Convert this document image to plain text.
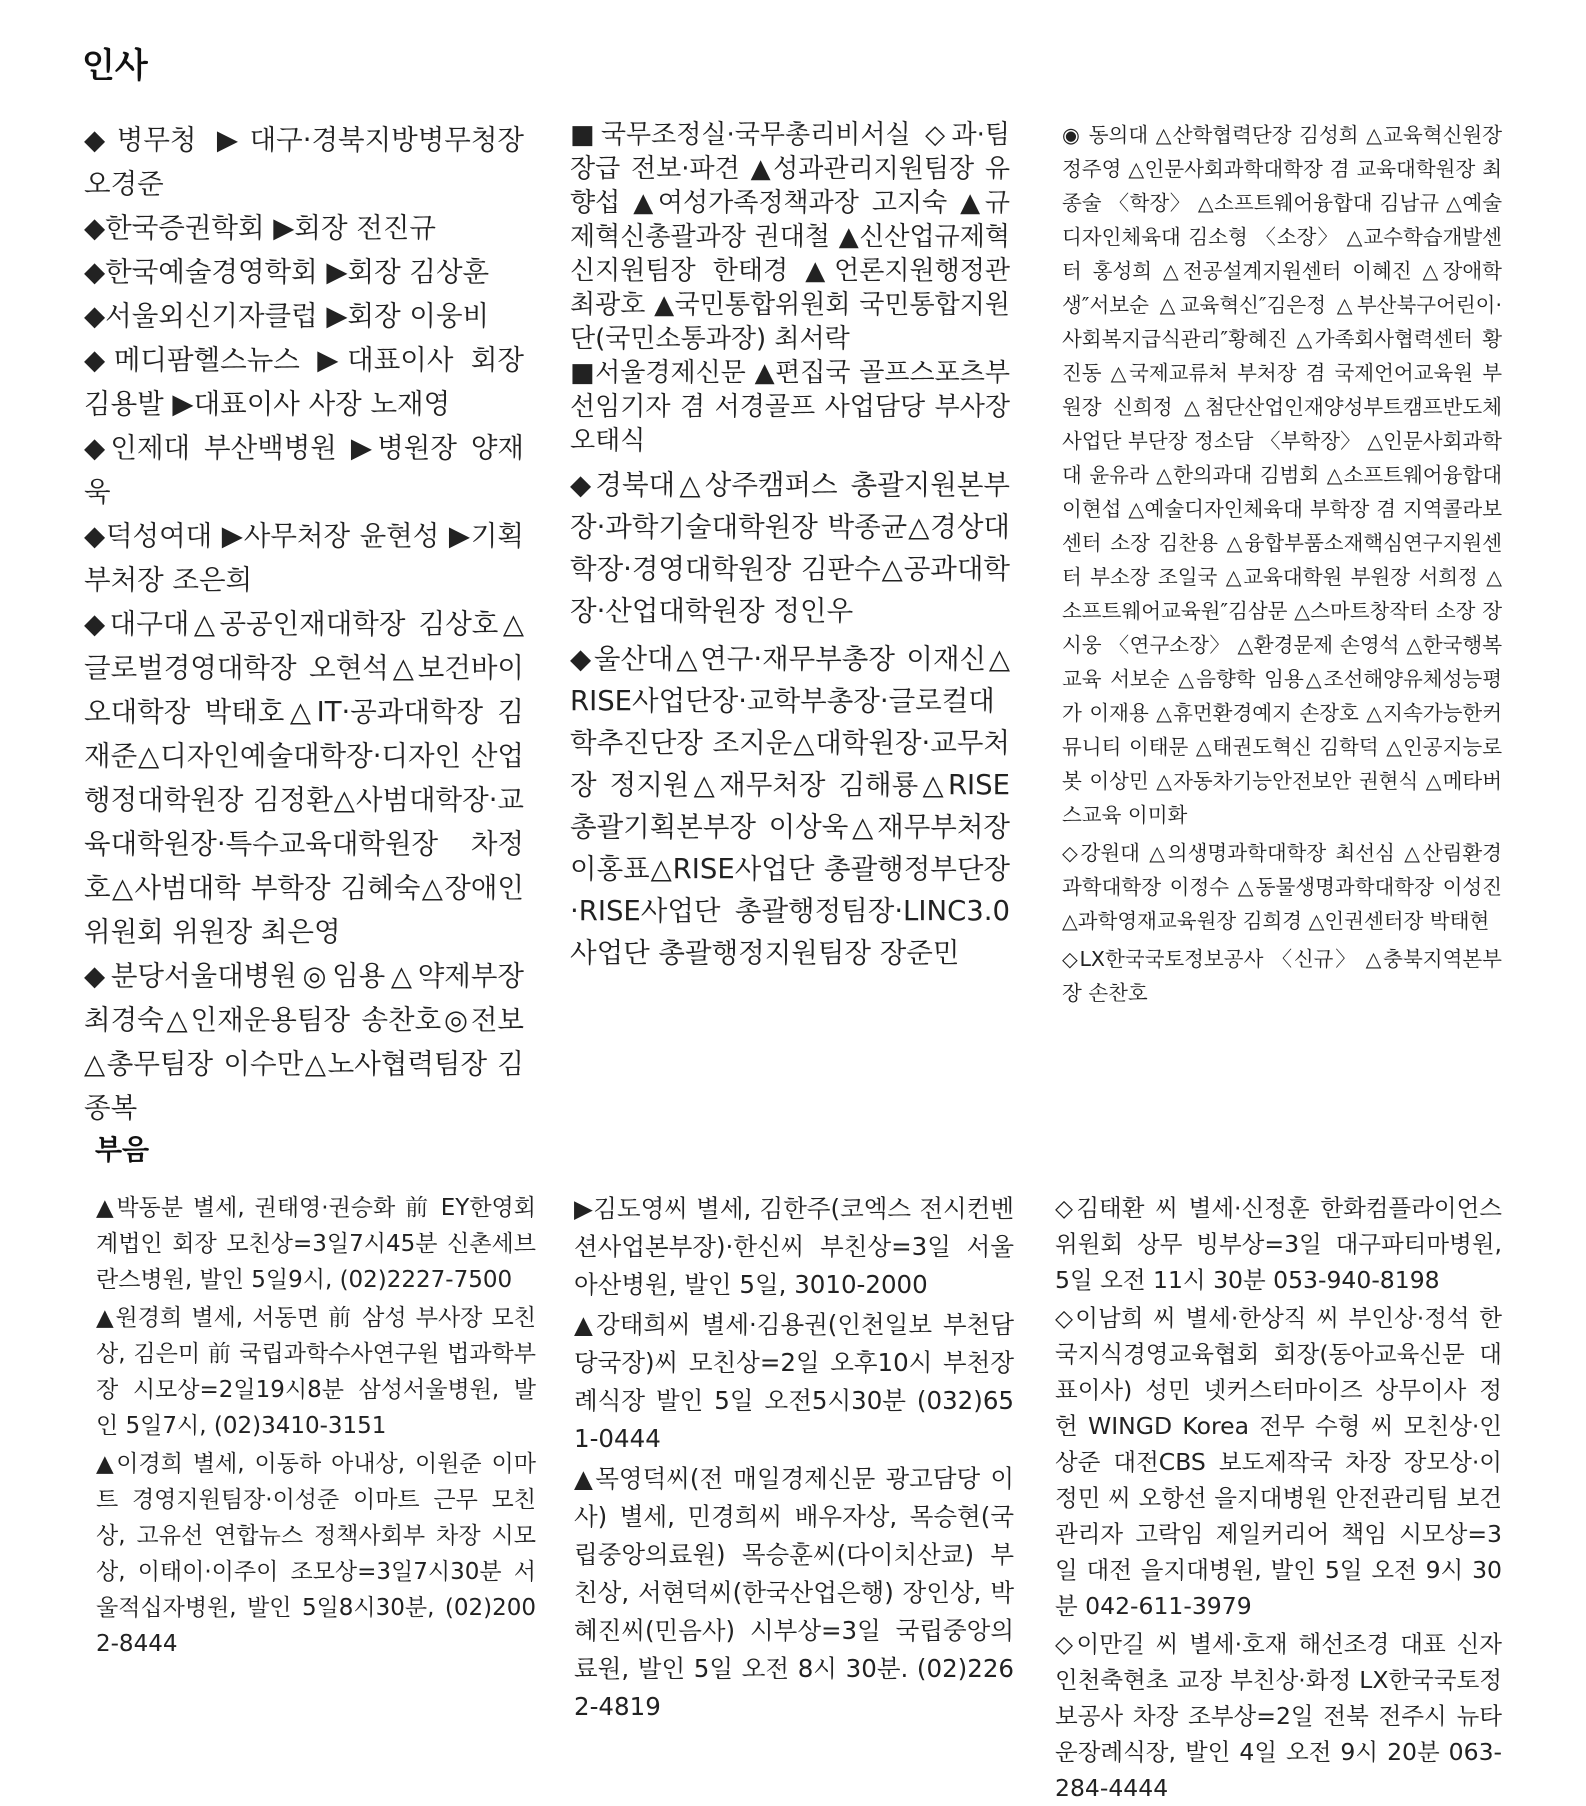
인사

◆병무청 ▶대구·경북지방병무청장 오경준

◆한국증권학회 ▶회장 전진규

◆한국예술경영학회 ▶회장 김상훈

◆서울외신기자클럽 ▶회장 이웅비

◆메디팜헬스뉴스 ▶대표이사 회장 김용발 ▶대표이사 사장 노재영

◆인제대 부산백병원 ▶병원장 양재욱

◆덕성여대 ▶사무처장 윤현성 ▶기획부처장 조은희

◆대구대△공공인재대학장 김상호△글로벌경영대학장 오현석△보건바이오대학장 박태호△IT·공과대학장 김재준△디자인예술대학장·디자인 산업행정대학원장 김정환△사범대학장·교육대학원장·특수교육대학원장 차정호△사범대학 부학장 김혜숙△장애인위원회 위원장 최은영

◆분당서울대병원◎임용△약제부장 최경숙△인재운용팀장 송찬호◎전보△총무팀장 이수만△노사협력팀장 김종복

■국무조정실·국무총리비서실 ◇과·팀장급 전보·파견 ▲성과관리지원팀장 유향섭 ▲여성가족정책과장 고지숙 ▲규제혁신총괄과장 권대철 ▲신산업규제혁신지원팀장 한태경 ▲언론지원행정관 최광호 ▲국민통합위원회 국민통합지원단(국민소통과장) 최서락

■서울경제신문 ▲편집국 골프스포츠부 선임기자 겸 서경골프 사업담당 부사장 오태식

◆경북대△상주캠퍼스 총괄지원본부장·과학기술대학원장 박종균△경상대학장·경영대학원장 김판수△공과대학장·산업대학원장 정인우

◆울산대△연구·재무부총장 이재신△RISE사업단장·교학부총장·글로컬대학추진단장 조지운△대학원장·교무처장 정지원△재무처장 김해룡△RISE총괄기획본부장 이상욱△재무부처장 이홍표△RISE사업단 총괄행정부단장·RISE사업단 총괄행정팀장·LINC3.0사업단 총괄행정지원팀장 장준민

◉ 동의대 △산학협력단장 김성희 △교육혁신원장 정주영 △인문사회과학대학장 겸 교육대학원장 최종술 〈학장〉 △소프트웨어융합대 김남규 △예술디자인체육대 김소형 〈소장〉 △교수학습개발센터 홍성희 △전공설계지원센터 이혜진 △장애학생″서보순 △교육혁신″김은정 △부산북구어린이·사회복지급식관리″황혜진 △가족회사협력센터 황진동 △국제교류처 부처장 겸 국제언어교육원 부원장 신희정 △첨단산업인재양성부트캠프반도체사업단 부단장 정소담 〈부학장〉 △인문사회과학대 윤유라 △한의과대 김범회 △소프트웨어융합대 이현섭 △예술디자인체육대 부학장 겸 지역콜라보센터 소장 김찬용 △융합부품소재핵심연구지원센터 부소장 조일국 △교육대학원 부원장 서희정 △소프트웨어교육원″김삼문 △스마트창작터 소장 장시웅 〈연구소장〉 △환경문제 손영석 △한국행복교육 서보순 △음향학 임용△조선해양유체성능평가 이재용 △휴먼환경예지 손장호 △지속가능한커뮤니티 이태문 △태권도혁신 김학덕 △인공지능로봇 이상민 △자동차기능안전보안 권현식 △메타버스교육 이미화

◇강원대 △의생명과학대학장 최선심 △산림환경과학대학장 이정수 △동물생명과학대학장 이성진 △과학영재교육원장 김희경 △인권센터장 박태현

◇LX한국국토정보공사 〈신규〉 △충북지역본부장 손찬호

부음

▲박동분 별세, 권태영·권승화 前 EY한영회계법인 회장 모친상=3일7시45분 신촌세브란스병원, 발인 5일9시, (02)2227-7500

▲원경희 별세, 서동면 前 삼성 부사장 모친상, 김은미 前 국립과학수사연구원 법과학부장 시모상=2일19시8분 삼성서울병원, 발인 5일7시, (02)3410-3151

▲이경희 별세, 이동하 아내상, 이원준 이마트 경영지원팀장·이성준 이마트 근무 모친상, 고유선 연합뉴스 정책사회부 차장 시모상, 이태이·이주이 조모상=3일7시30분 서울적십자병원, 발인 5일8시30분, (02)2002-8444

▶김도영씨 별세, 김한주(코엑스 전시컨벤션사업본부장)·한신씨 부친상=3일 서울아산병원, 발인 5일, 3010-2000

▲강태희씨 별세·김용권(인천일보 부천담당국장)씨 모친상=2일 오후10시 부천장례식장 발인 5일 오전5시30분 (032)651-0444

▲목영덕씨(전 매일경제신문 광고담당 이사) 별세, 민경희씨 배우자상, 목승현(국립중앙의료원) 목승훈씨(다이치산쿄) 부친상, 서현덕씨(한국산업은행) 장인상, 박혜진씨(민음사) 시부상=3일 국립중앙의료원, 발인 5일 오전 8시 30분. (02)2262-4819

◇김태환 씨 별세·신정훈 한화컴플라이언스위원회 상무 빙부상=3일 대구파티마병원, 5일 오전 11시 30분 053-940-8198

◇이남희 씨 별세·한상직 씨 부인상·정석 한국지식경영교육협회 회장(동아교육신문 대표이사) 성민 넷커스터마이즈 상무이사 정헌 WINGD Korea 전무 수형 씨 모친상·인상준 대전CBS 보도제작국 차장 장모상·이정민 씨 오항선 을지대병원 안전관리팀 보건관리자 고락임 제일커리어 책임 시모상=3일 대전 을지대병원, 발인 5일 오전 9시 30분 042-611-3979

◇이만길 씨 별세·호재 해선조경 대표 신자 인천축현초 교장 부친상·화정 LX한국국토정보공사 차장 조부상=2일 전북 전주시 뉴타운장례식장, 발인 4일 오전 9시 20분 063-284-4444
